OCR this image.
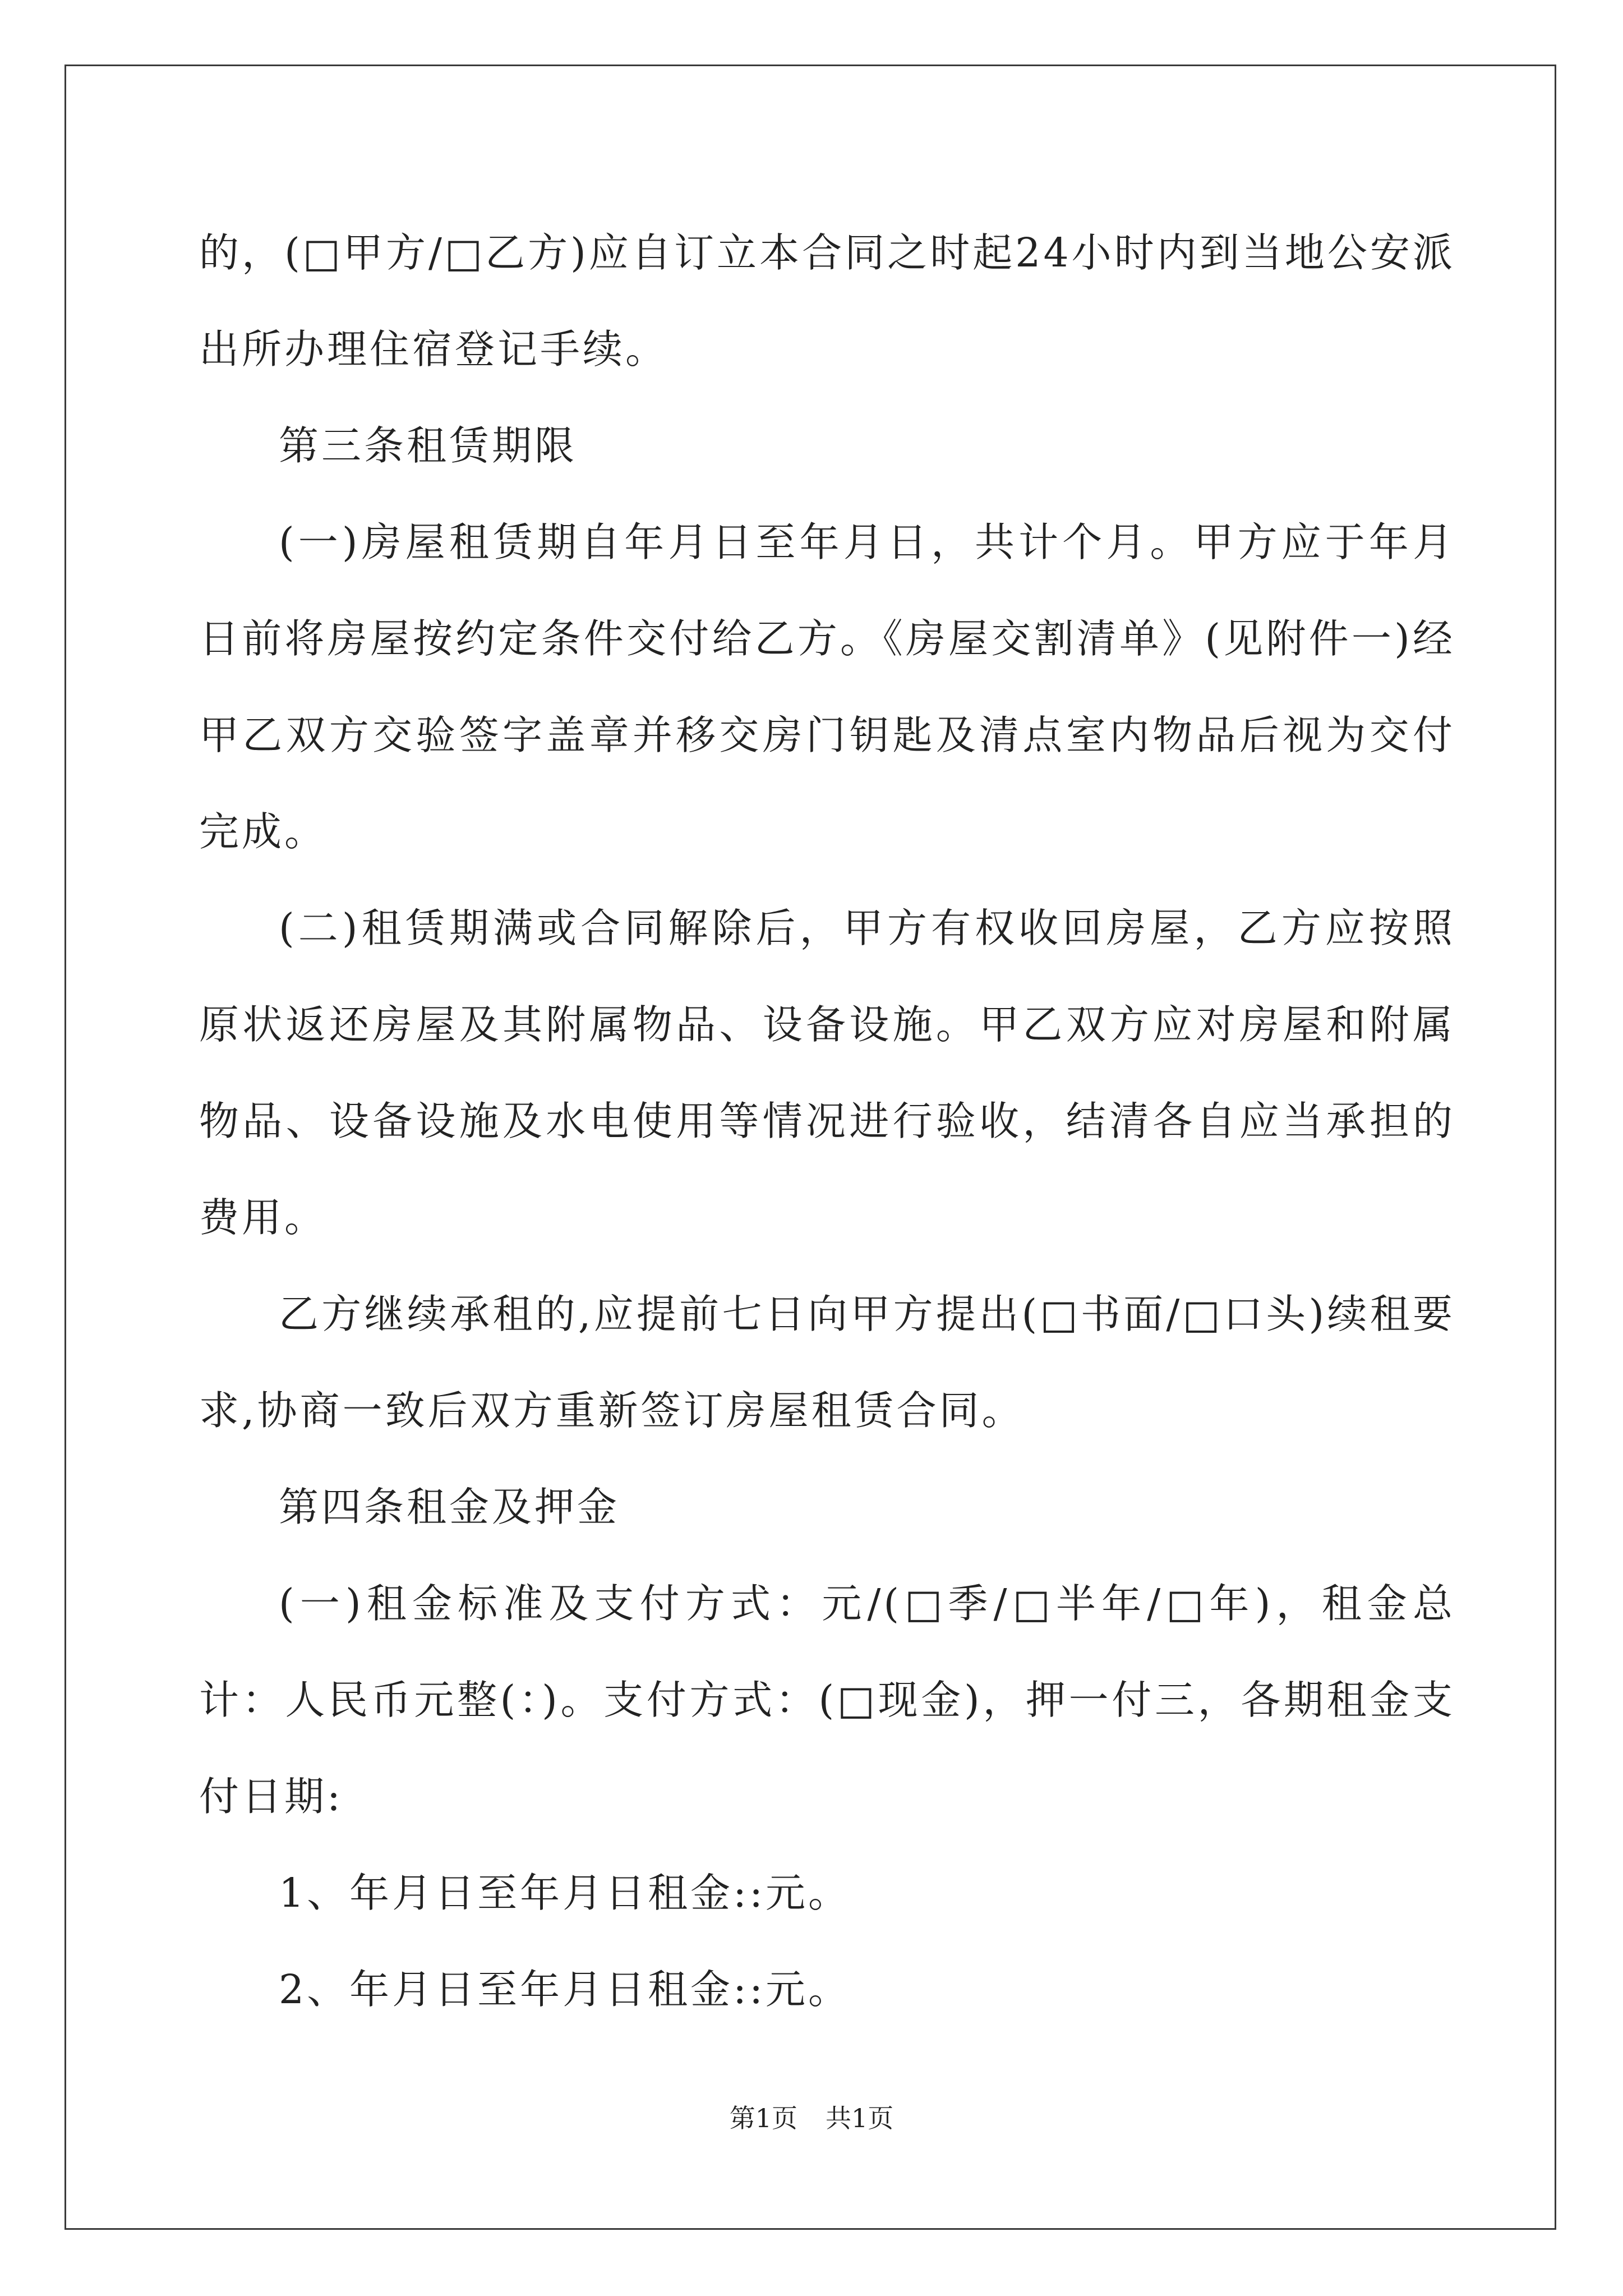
的，(□甲方/□乙方)应自订立本合同之时起24小时内到当地公安派出所办理住宿登记手续。

第三条租赁期限

(一)房屋租赁期自年月日至年月日，共计个月。甲方应于年月日前将房屋按约定条件交付给乙方。《房屋交割清单》(见附件一)经甲乙双方交验签字盖章并移交房门钥匙及清点室内物品后视为交付完成。

(二)租赁期满或合同解除后，甲方有权收回房屋，乙方应按照原状返还房屋及其附属物品、设备设施。甲乙双方应对房屋和附属物品、设备设施及水电使用等情况进行验收，结清各自应当承担的费用。

乙方继续承租的,应提前七日向甲方提出(□书面/□口头)续租要求,协商一致后双方重新签订房屋租赁合同。

第四条租金及押金

(一)租金标准及支付方式：元/(□季/□半年/□年)，租金总计：人民币元整(：)。支付方式：(□现金)，押一付三，各期租金支付日期:

1、年月日至年月日租金::元。

2、年月日至年月日租金::元。

第1页 共1页
